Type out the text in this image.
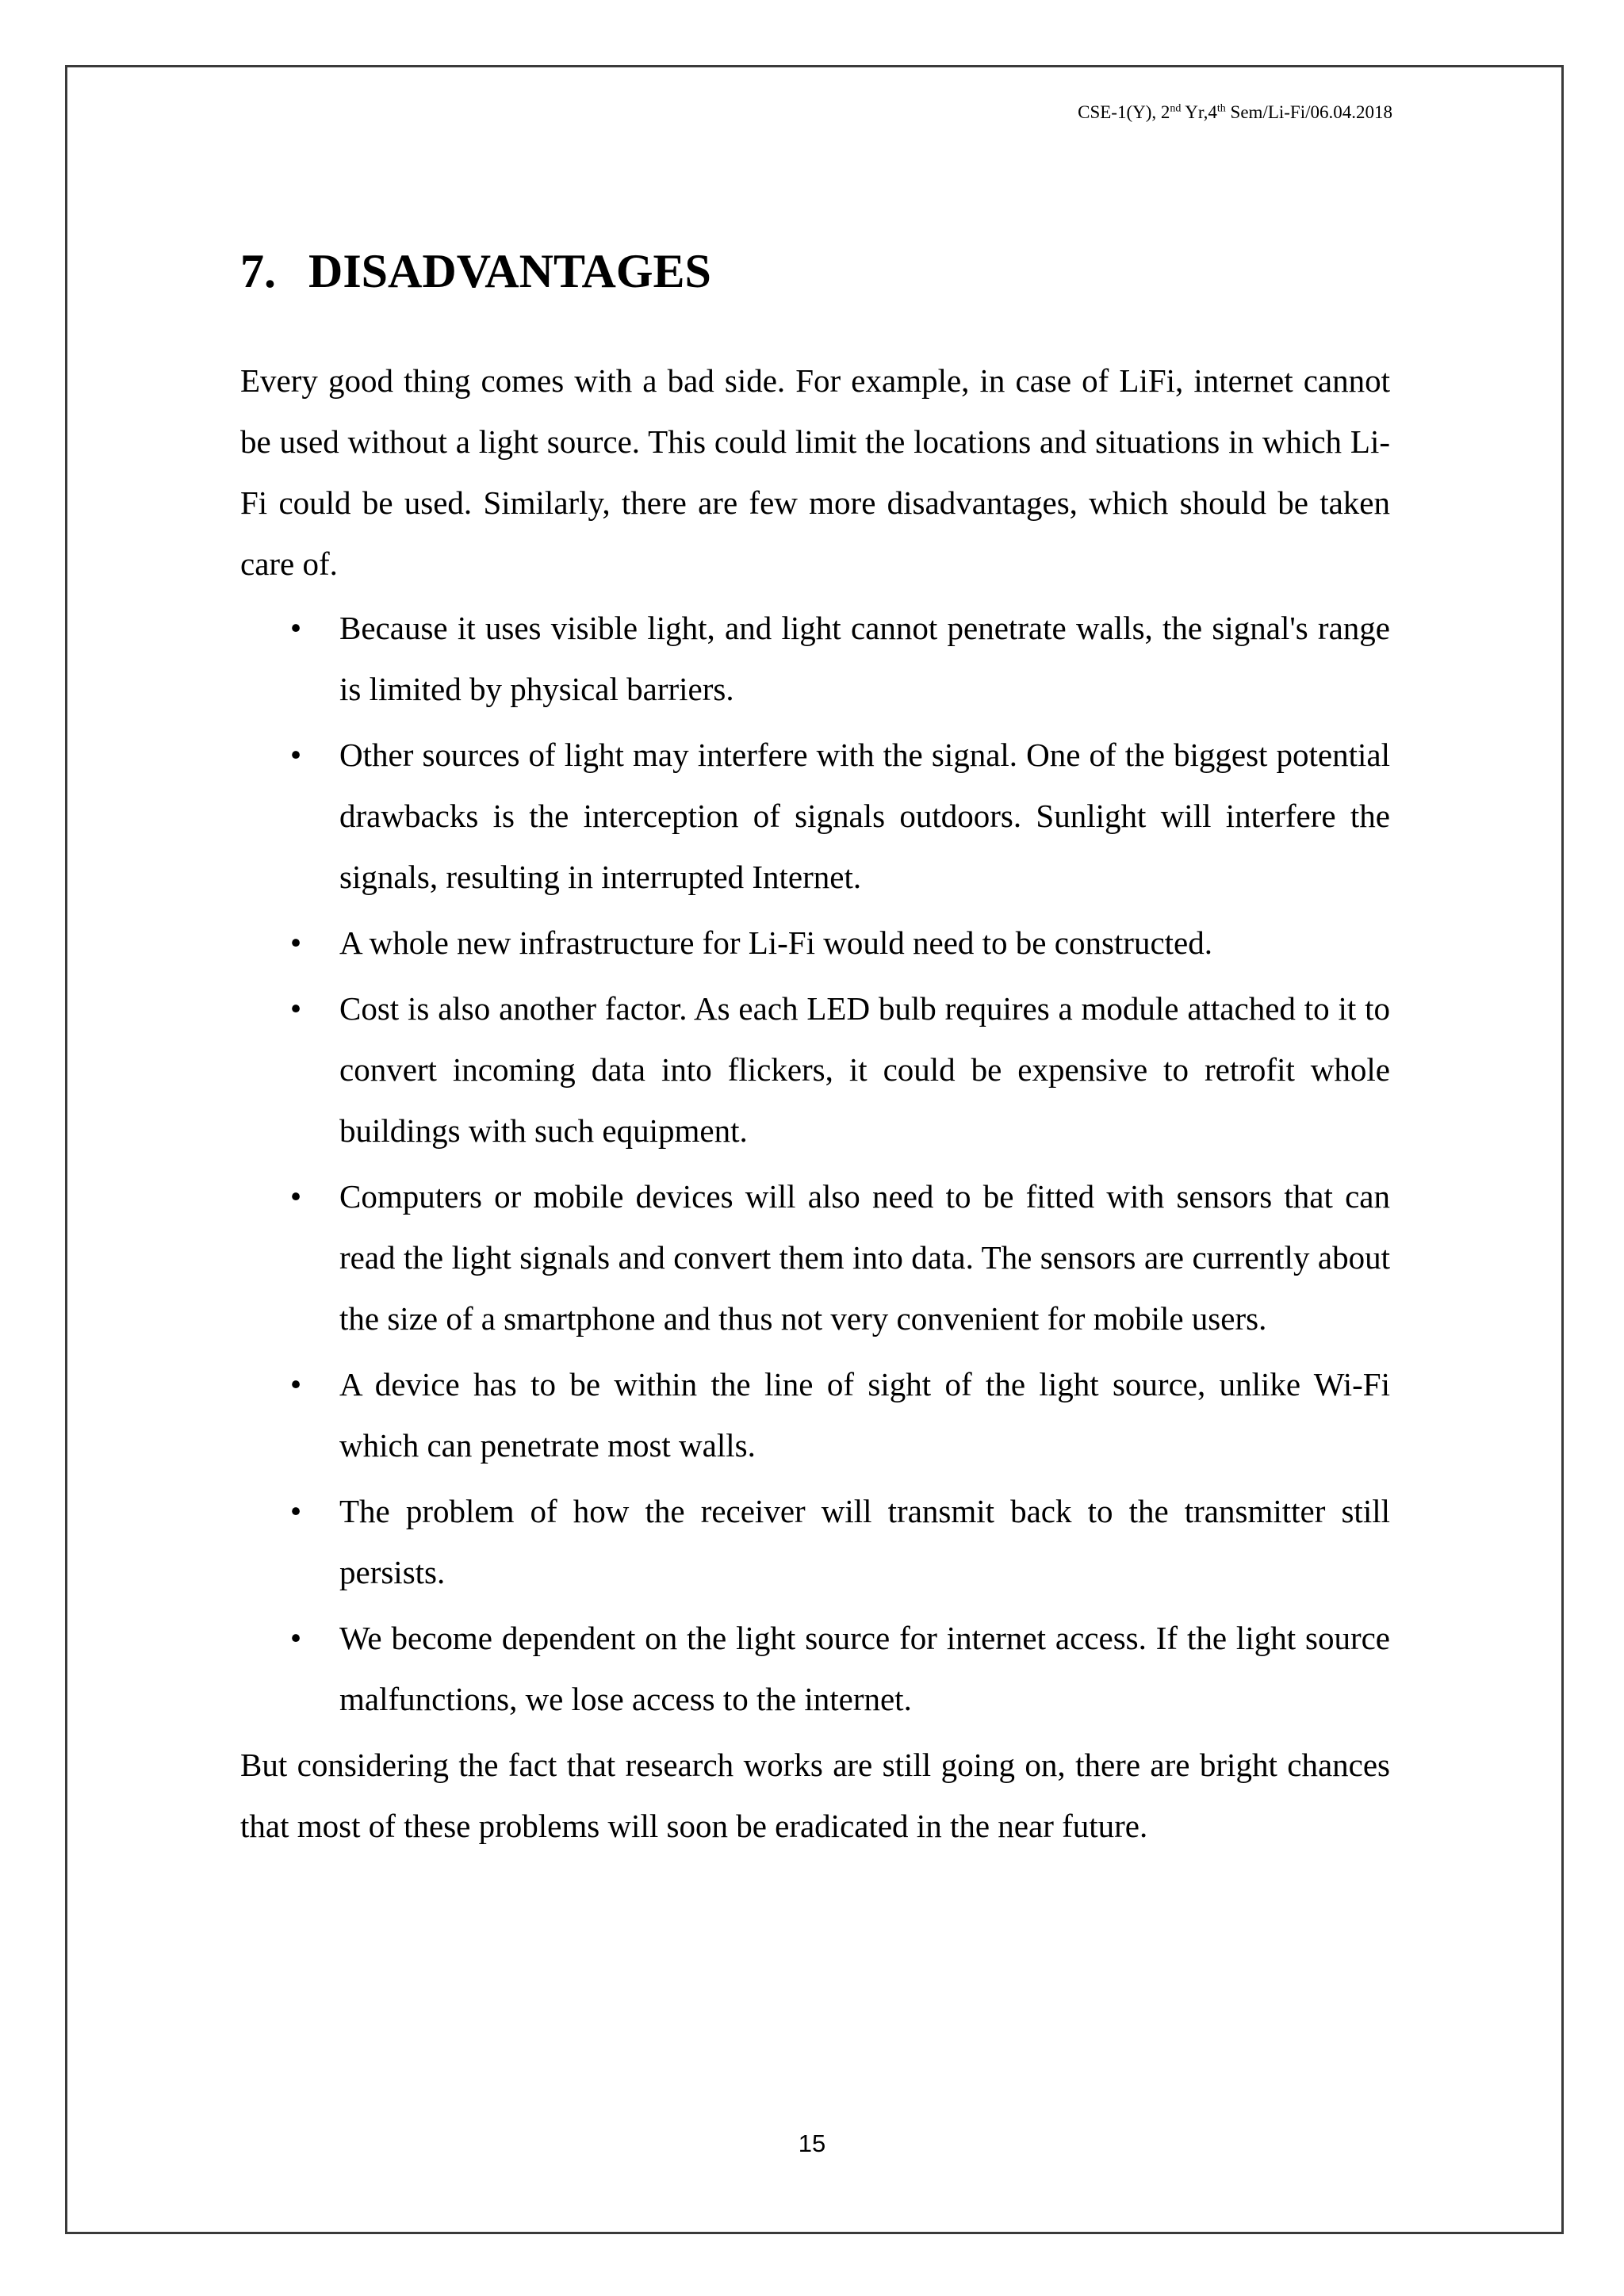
CSE-1(Y), 2nd Yr,4th Sem/Li-Fi/06.04.2018
7. DISADVANTAGES

Every good thing comes with a bad side. For example, in case of LiFi, internet cannot be used without a light source. This could limit the locations and situations in which Li-Fi could be used. Similarly, there are few more disadvantages, which should be taken care of.

• Because it uses visible light, and light cannot penetrate walls, the signal's range is limited by physical barriers.
• Other sources of light may interfere with the signal. One of the biggest potential drawbacks is the interception of signals outdoors. Sunlight will interfere the signals, resulting in interrupted Internet.
• A whole new infrastructure for Li-Fi would need to be constructed.
• Cost is also another factor. As each LED bulb requires a module attached to it to convert incoming data into flickers, it could be expensive to retrofit whole buildings with such equipment.
• Computers or mobile devices will also need to be fitted with sensors that can read the light signals and convert them into data. The sensors are currently about the size of a smartphone and thus not very convenient for mobile users.
• A device has to be within the line of sight of the light source, unlike Wi-Fi which can penetrate most walls.
• The problem of how the receiver will transmit back to the transmitter still persists.
• We become dependent on the light source for internet access. If the light source malfunctions, we lose access to the internet.

But considering the fact that research works are still going on, there are bright chances that most of these problems will soon be eradicated in the near future.

15
